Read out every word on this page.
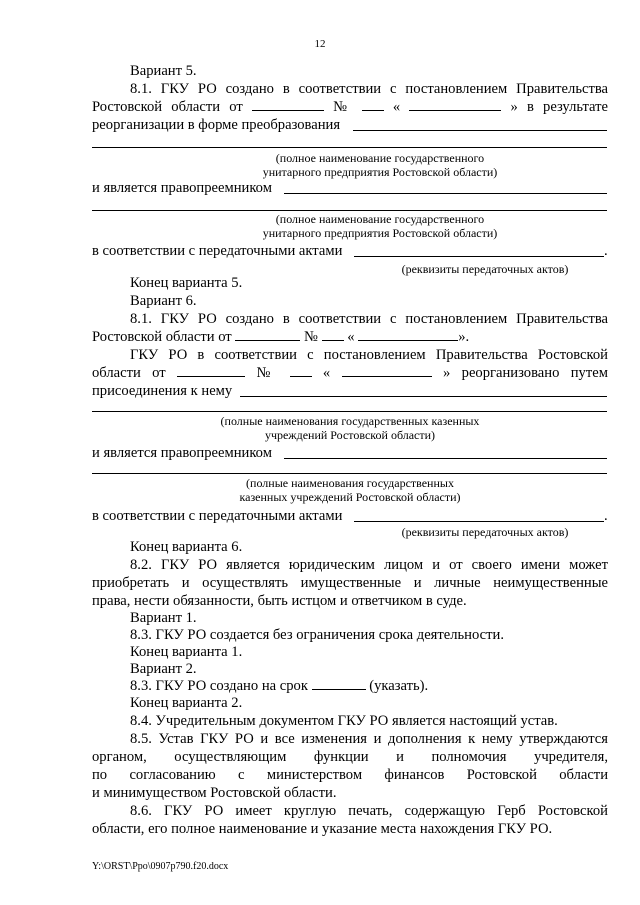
12
Вариант 5.
8.1. ГКУ РО создано в соответствии с постановлением Правительства
Ростовской области от	№	«	» в результате
реорганизации в форме преобразования
(полное наименование государственного
унитарного предприятия Ростовской области)
и является правопреемником
(полное наименование государственного
унитарного предприятия Ростовской области)
в соответствии с передаточными актами	.
(реквизиты передаточных актов)
Конец варианта 5.
Вариант 6.
8.1. ГКУ РО создано в соответствии с постановлением Правительства
Ростовской области от	№ «	».
ГКУ РО в соответствии с постановлением Правительства Ростовской
области от	№	«	» реорганизовано путем
присоединения к нему
(полные наименования государственных казенных
учреждений Ростовской области)
и является правопреемником
(полные наименования государственных
казенных учреждений Ростовской области)
в соответствии с передаточными актами	.
(реквизиты передаточных актов)
Конец варианта 6.
8.2. ГКУ РО является юридическим лицом и от своего имени может
приобретать и осуществлять имущественные и личные неимущественные
права, нести обязанности, быть истцом и ответчиком в суде.
Вариант 1.
8.3. ГКУ РО создается без ограничения срока деятельности.
Конец варианта 1.
Вариант 2.
8.3. ГКУ РО создано на срок	(указать).
Конец варианта 2.
8.4. Учредительным документом ГКУ РО является настоящий устав.
8.5. Устав ГКУ РО и все изменения и дополнения к нему утверждаются
органом, осуществляющим функции и полномочия учредителя,
по согласованию с министерством финансов Ростовской области
и минимуществом Ростовской области.
8.6. ГКУ РО имеет круглую печать, содержащую Герб Ростовской
области, его полное наименование и указание места нахождения ГКУ РО.
Y:\ORST\Ppo\0907p790.f20.docx
